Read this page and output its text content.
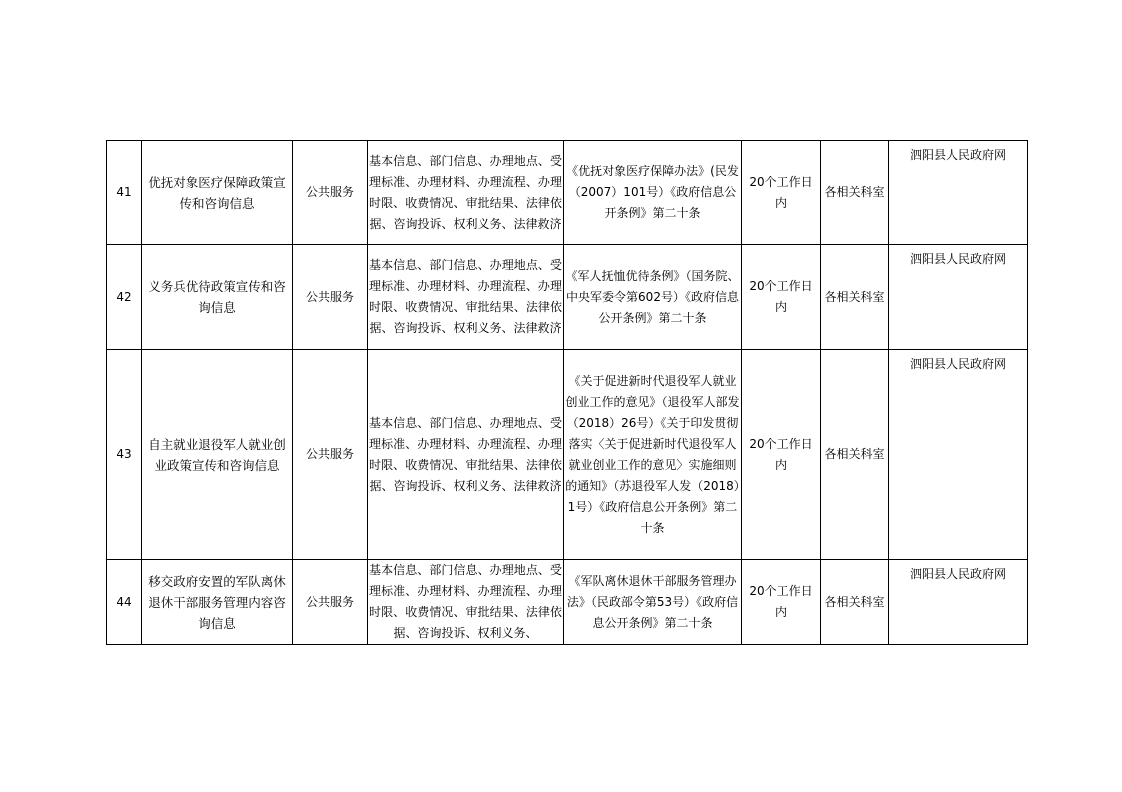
41	优抚对象医疗保障政策宣传和咨询信息	公共服务	基本信息、部门信息、办理地点、受理标准、办理材料、办理流程、办理时限、收费情况、审批结果、法律依据、咨询投诉、权利义务、法律救济	《优抚对象医疗保障办法》(民发（2007）101号）《政府信息公开条例》第二十条	20个工作日内	各相关科室	泗阳县人民政府网
42	义务兵优待政策宣传和咨询信息	公共服务	基本信息、部门信息、办理地点、受理标准、办理材料、办理流程、办理时限、收费情况、审批结果、法律依据、咨询投诉、权利义务、法律救济	《军人抚恤优待条例》（国务院、中央军委令第602号）《政府信息公开条例》第二十条	20个工作日内	各相关科室	泗阳县人民政府网
43	自主就业退役军人就业创业政策宣传和咨询信息	公共服务	基本信息、部门信息、办理地点、受理标准、办理材料、办理流程、办理时限、收费情况、审批结果、法律依据、咨询投诉、权利义务、法律救济	《关于促进新时代退役军人就业创业工作的意见》（退役军人部发（2018）26号）《关于印发贯彻落实〈关于促进新时代退役军人就业创业工作的意见〉实施细则的通知》（苏退役军人发（2018）1号）《政府信息公开条例》第二十条	20个工作日内	各相关科室	泗阳县人民政府网
44	移交政府安置的军队离休退休干部服务管理内容咨询信息	公共服务	基本信息、部门信息、办理地点、受理标准、办理材料、办理流程、办理时限、收费情况、审批结果、法律依据、咨询投诉、权利义务、	《军队离休退休干部服务管理办法》（民政部令第53号）《政府信息公开条例》第二十条	20个工作日内	各相关科室	泗阳县人民政府网
